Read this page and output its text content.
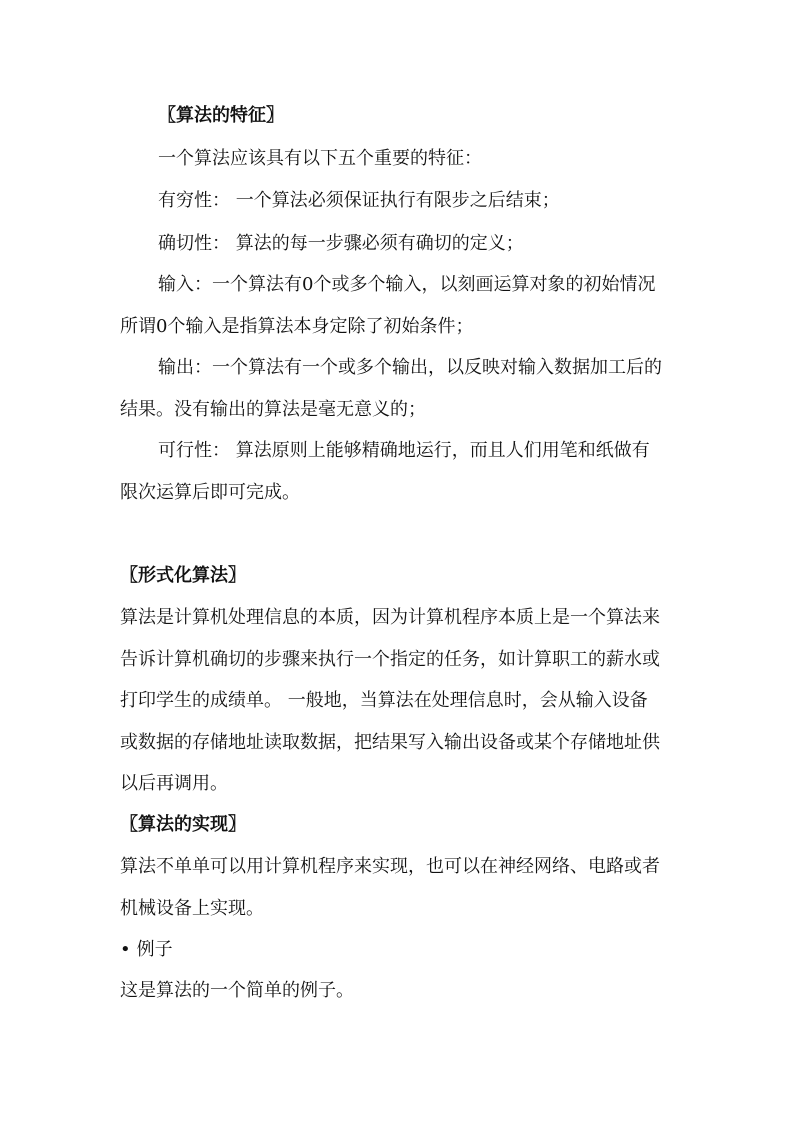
〖算法的特征〗

一个算法应该具有以下五个重要的特征：

有穷性： 一个算法必须保证执行有限步之后结束；

确切性： 算法的每一步骤必须有确切的定义；

输入：一个算法有0个或多个输入，以刻画运算对象的初始情况

所谓0个输入是指算法本身定除了初始条件；

输出：一个算法有一个或多个输出，以反映对输入数据加工后的

结果。没有输出的算法是毫无意义的；

可行性： 算法原则上能够精确地运行，而且人们用笔和纸做有

限次运算后即可完成。

〖形式化算法〗

算法是计算机处理信息的本质，因为计算机程序本质上是一个算法来

告诉计算机确切的步骤来执行一个指定的任务，如计算职工的薪水或

打印学生的成绩单。 一般地，当算法在处理信息时，会从输入设备

或数据的存储地址读取数据，把结果写入输出设备或某个存储地址供

以后再调用。

〖算法的实现〗

算法不单单可以用计算机程序来实现，也可以在神经网络、电路或者

机械设备上实现。

• 例子

这是算法的一个简单的例子。
